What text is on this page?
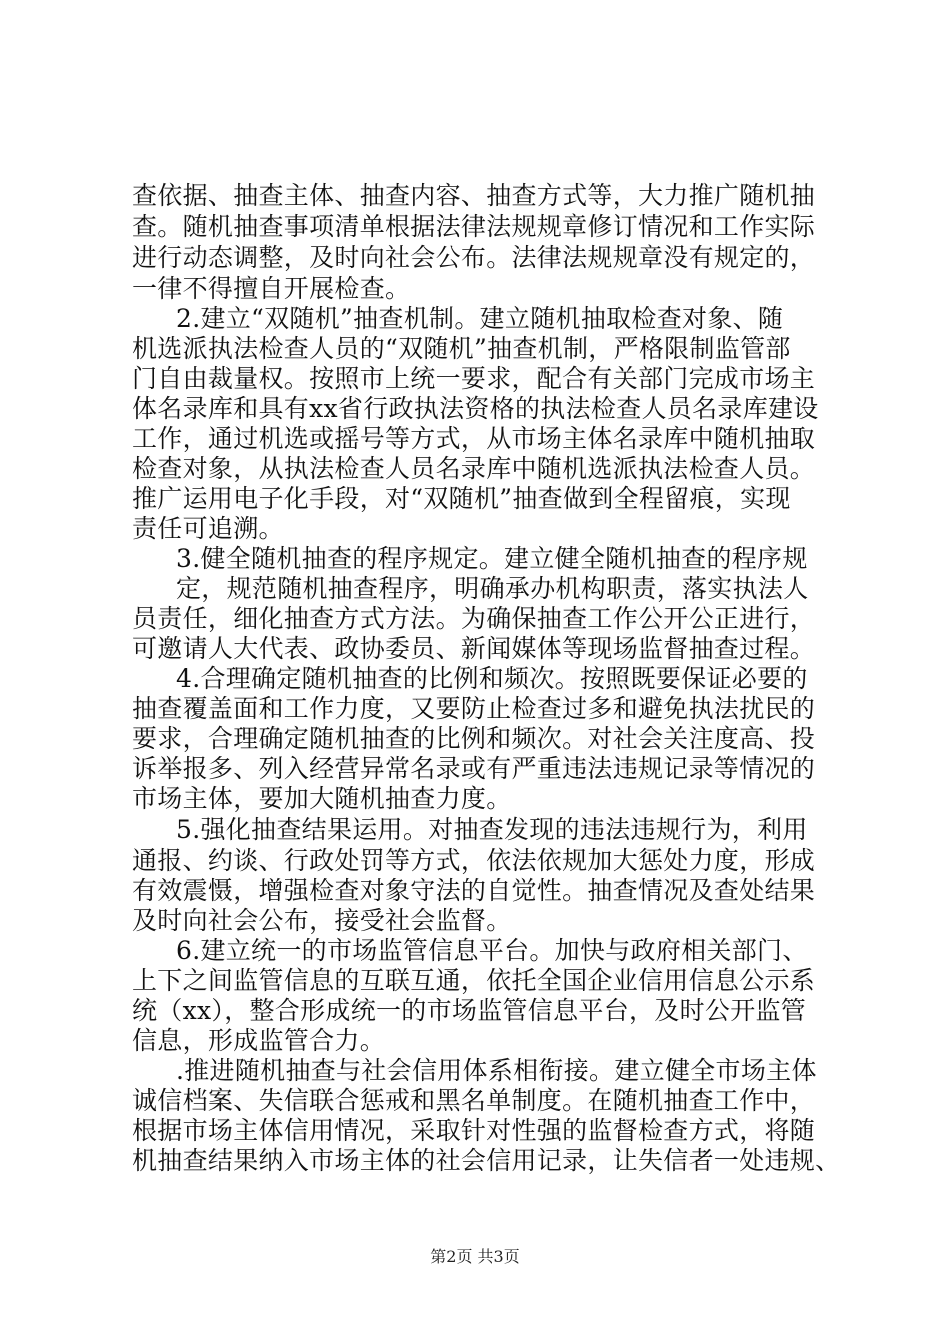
查依据、抽查主体、抽查内容、抽查方式等，大力推广随机抽
查。随机抽查事项清单根据法律法规规章修订情况和工作实际
进行动态调整，及时向社会公布。法律法规规章没有规定的，
一律不得擅自开展检查。
2.建立“双随机”抽查机制。建立随机抽取检查对象、随
机选派执法检查人员的“双随机”抽查机制，严格限制监管部
门自由裁量权。按照市上统一要求，配合有关部门完成市场主
体名录库和具有xx省行政执法资格的执法检查人员名录库建设
工作，通过机选或摇号等方式，从市场主体名录库中随机抽取
检查对象，从执法检查人员名录库中随机选派执法检查人员。
推广运用电子化手段，对“双随机”抽查做到全程留痕，实现
责任可追溯。
3.健全随机抽查的程序规定。建立健全随机抽查的程序规
定，规范随机抽查程序，明确承办机构职责，落实执法人
员责任，细化抽查方式方法。为确保抽查工作公开公正进行，
可邀请人大代表、政协委员、新闻媒体等现场监督抽查过程。
4.合理确定随机抽查的比例和频次。按照既要保证必要的
抽查覆盖面和工作力度，又要防止检查过多和避免执法扰民的
要求，合理确定随机抽查的比例和频次。对社会关注度高、投
诉举报多、列入经营异常名录或有严重违法违规记录等情况的
市场主体，要加大随机抽查力度。
5.强化抽查结果运用。对抽查发现的违法违规行为，利用
通报、约谈、行政处罚等方式，依法依规加大惩处力度，形成
有效震慑，增强检查对象守法的自觉性。抽查情况及查处结果
及时向社会公布，接受社会监督。
6.建立统一的市场监管信息平台。加快与政府相关部门、
上下之间监管信息的互联互通，依托全国企业信用信息公示系
统（xx），整合形成统一的市场监管信息平台，及时公开监管
信息，形成监管合力。
.推进随机抽查与社会信用体系相衔接。建立健全市场主体
诚信档案、失信联合惩戒和黑名单制度。在随机抽查工作中，
根据市场主体信用情况，采取针对性强的监督检查方式，将随
机抽查结果纳入市场主体的社会信用记录，让失信者一处违规、
第2页 共3页
